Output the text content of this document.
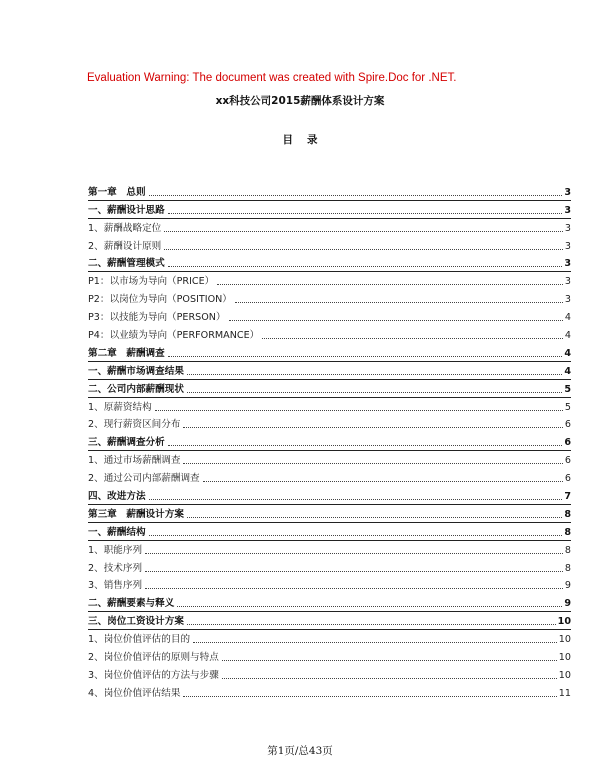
Evaluation Warning: The document was created with Spire.Doc for .NET.
xx科技公司2015薪酬体系设计方案
目录
第一章　总则	3
一、薪酬设计思路	3
1、薪酬战略定位	3
2、薪酬设计原则	3
二、薪酬管理模式	3
P1：以市场为导向（PRICE）	3
P2：以岗位为导向（POSITION）	3
P3：以技能为导向（PERSON）	4
P4：以业绩为导向（PERFORMANCE）	4
第二章　薪酬调查	4
一、薪酬市场调查结果	4
二、公司内部薪酬现状	5
1、原薪资结构	5
2、现行薪资区间分布	6
三、薪酬调查分析	6
1、通过市场薪酬调查	6
2、通过公司内部薪酬调查	6
四、改进方法	7
第三章　薪酬设计方案	8
一、薪酬结构	8
1、职能序列	8
2、技术序列	8
3、销售序列	9
二、薪酬要素与释义	9
三、岗位工资设计方案	10
1、岗位价值评估的目的	10
2、岗位价值评估的原则与特点	10
3、岗位价值评估的方法与步骤	10
4、岗位价值评估结果	11
第1页/总43页
